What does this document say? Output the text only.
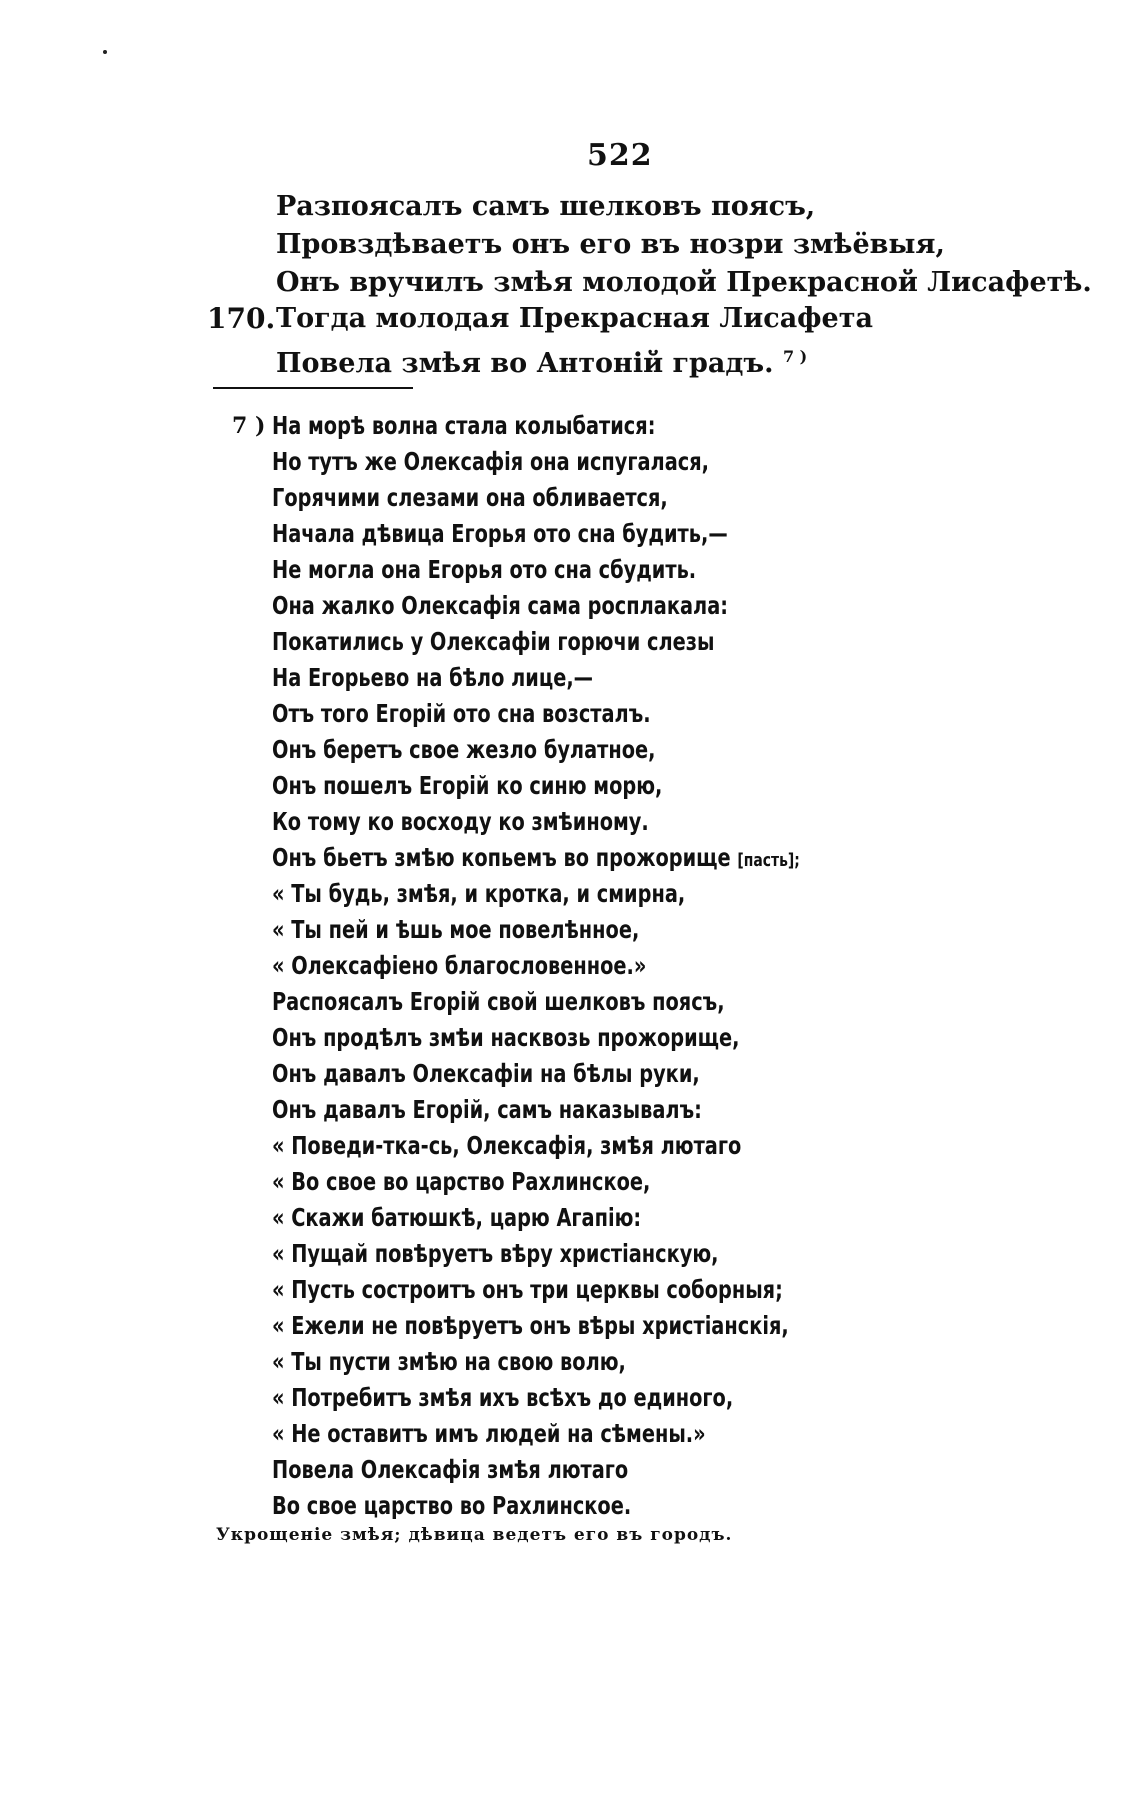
522
Разпоясалъ самъ шелковъ поясъ,
Провздѣваетъ онъ его въ нозри змѣёвыя,
Онъ вручилъ змѣя молодой Прекрасной Лисафетѣ.
170. Тогда молодая Прекрасная Лисафета
Повела змѣя во Антоній градъ. $^{7 )}$
7 ) На морѣ волна стала колыбатися:
Но тутъ же Олексафія она испугалася,
Горячими слезами она обливается,
Начала дѣвица Егорья ото сна будить,—
Не могла она Егорья ото сна сбудить.
Она жалко Олексафія сама росплакала:
Покатились у Олексафіи горючи слезы
На Егорьево на бѣло лице,—
Отъ того Егорій ото сна возсталъ.
Онъ беретъ свое жезло булатное,
Онъ пошелъ Егорій ко синю морю,
Ко тому ко восходу ко змѣиному.
Онъ бьетъ змѣю копьемъ во прожорище [пасть];
« Ты будь, змѣя, и кротка, и смирна,
« Ты пей и ѣшь мое повелѣнное,
« Олексафіено благословенное.»
Распоясалъ Егорій свой шелковъ поясъ,
Онъ продѣлъ змѣи насквозь прожорище,
Онъ давалъ Олексафіи на бѣлы руки,
Онъ давалъ Егорій, самъ наказывалъ:
« Поведи-тка-сь, Олексафія, змѣя лютаго
« Во свое во царство Рахлинское,
« Скажи батюшкѣ, царю Агапію:
« Пущай повѣруетъ вѣру христіанскую,
« Пусть состроитъ онъ три церквы соборныя;
« Ежели не повѣруетъ онъ вѣры христіанскія,
« Ты пусти змѣю на свою волю,
« Потребитъ змѣя ихъ всѣхъ до единого,
« Не оставитъ имъ людей на сѣмены.»
Повела Олексафія змѣя лютаго
Во свое царство во Рахлинское.
Укрощеніе змѣя; дѣвица ведетъ его въ городъ.
